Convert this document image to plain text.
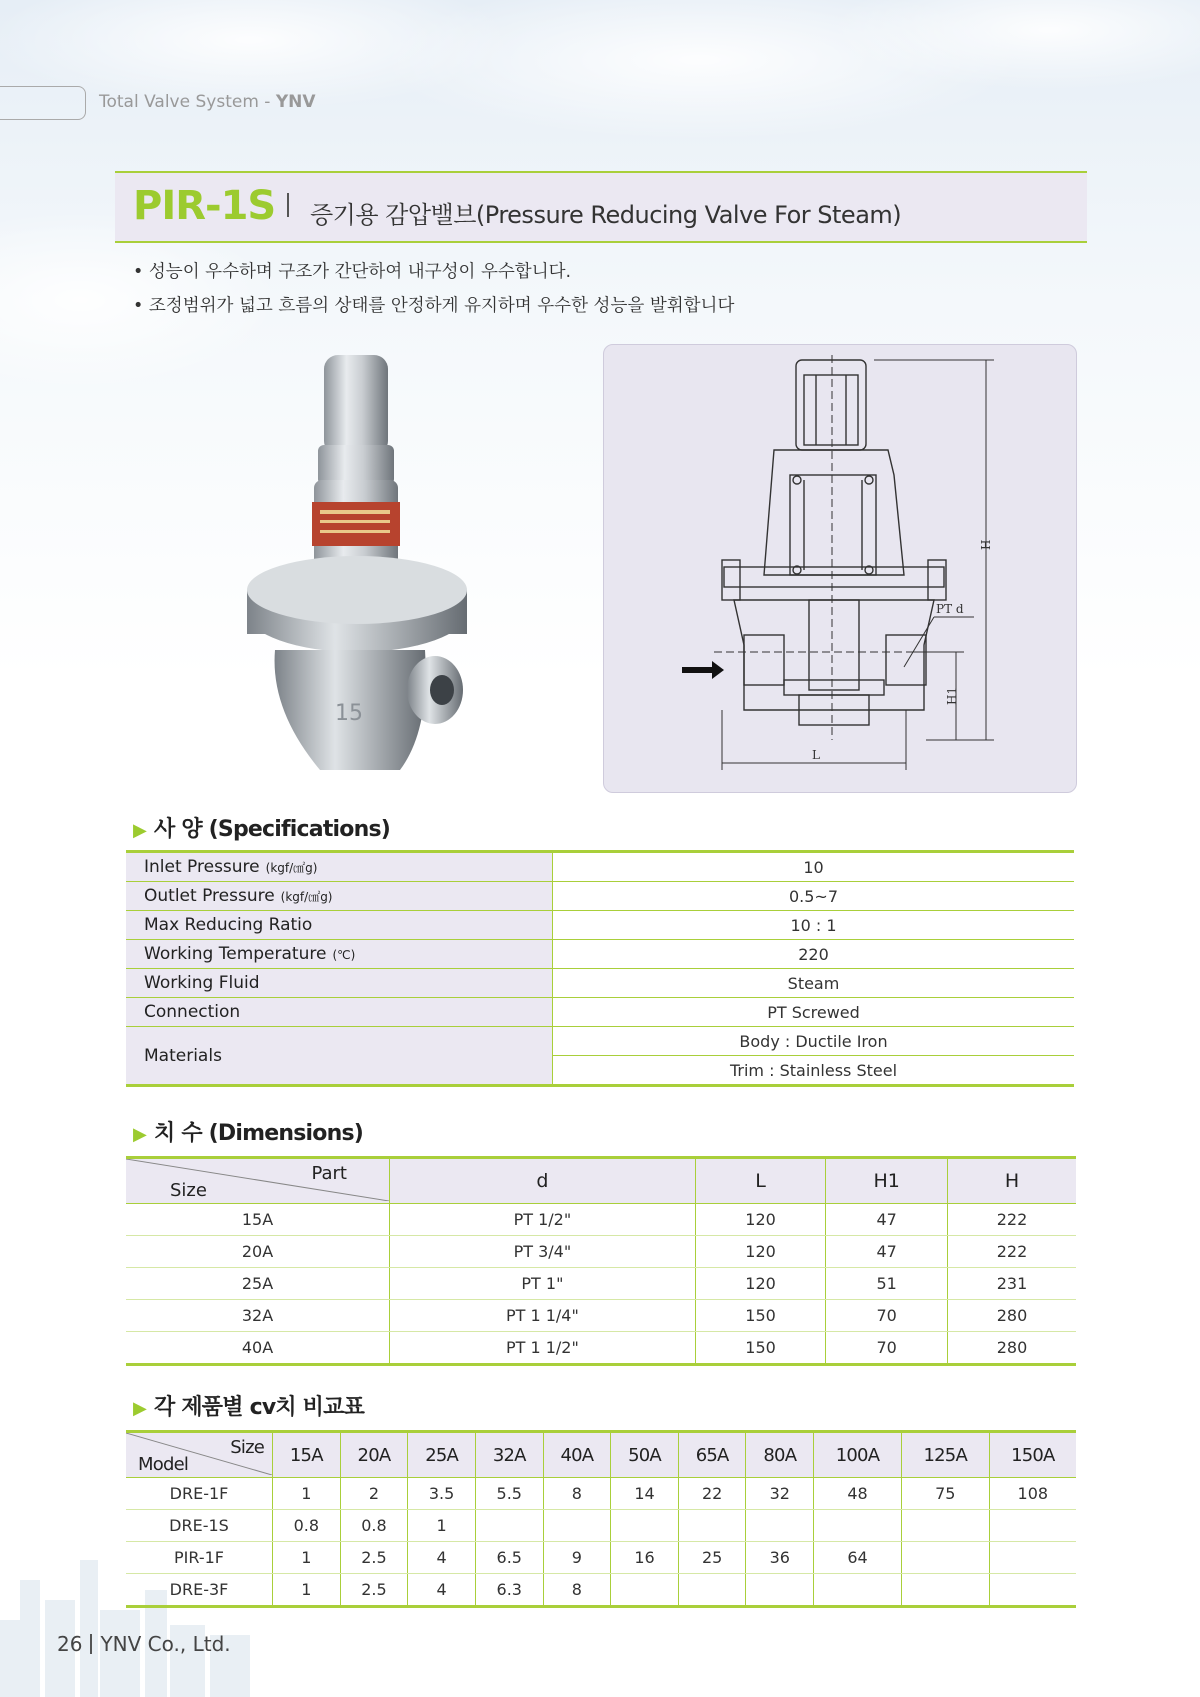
Total Valve System - YNV
PIR-1S 증기용 감압밸브(Pressure Reducing Valve For Steam)
• 성능이 우수하며 구조가 간단하여 내구성이 우수합니다.
• 조정범위가 넓고 흐름의 상태를 안정하게 유지하며 우수한 성능을 발휘합니다
15
H
PT d
H1
L
▶ 사 양 (Specifications)
Inlet Pressure (kgf/㎠g)	10
Outlet Pressure (kgf/㎠g)	0.5~7
Max Reducing Ratio	10 : 1
Working Temperature (℃)	220
Working Fluid	Steam
Connection	PT Screwed
Materials	Body : Ductile Iron
	Trim : Stainless Steel
▶ 치 수 (Dimensions)
Part
Size	d	L	H1	H
15A	PT 1/2"	120	47	222
20A	PT 3/4"	120	47	222
25A	PT 1"	120	51	231
32A	PT 1 1/4"	150	70	280
40A	PT 1 1/2"	150	70	280
▶ 각 제품별 cv치 비교표
Size
Model	15A	20A	25A	32A	40A	50A	65A	80A	100A	125A	150A
DRE-1F	1	2	3.5	5.5	8	14	22	32	48	75	108
DRE-1S	0.8	0.8	1								
PIR-1F	1	2.5	4	6.5	9	16	25	36	64		
DRE-3F	1	2.5	4	6.3	8						
26 YNV Co., Ltd.
